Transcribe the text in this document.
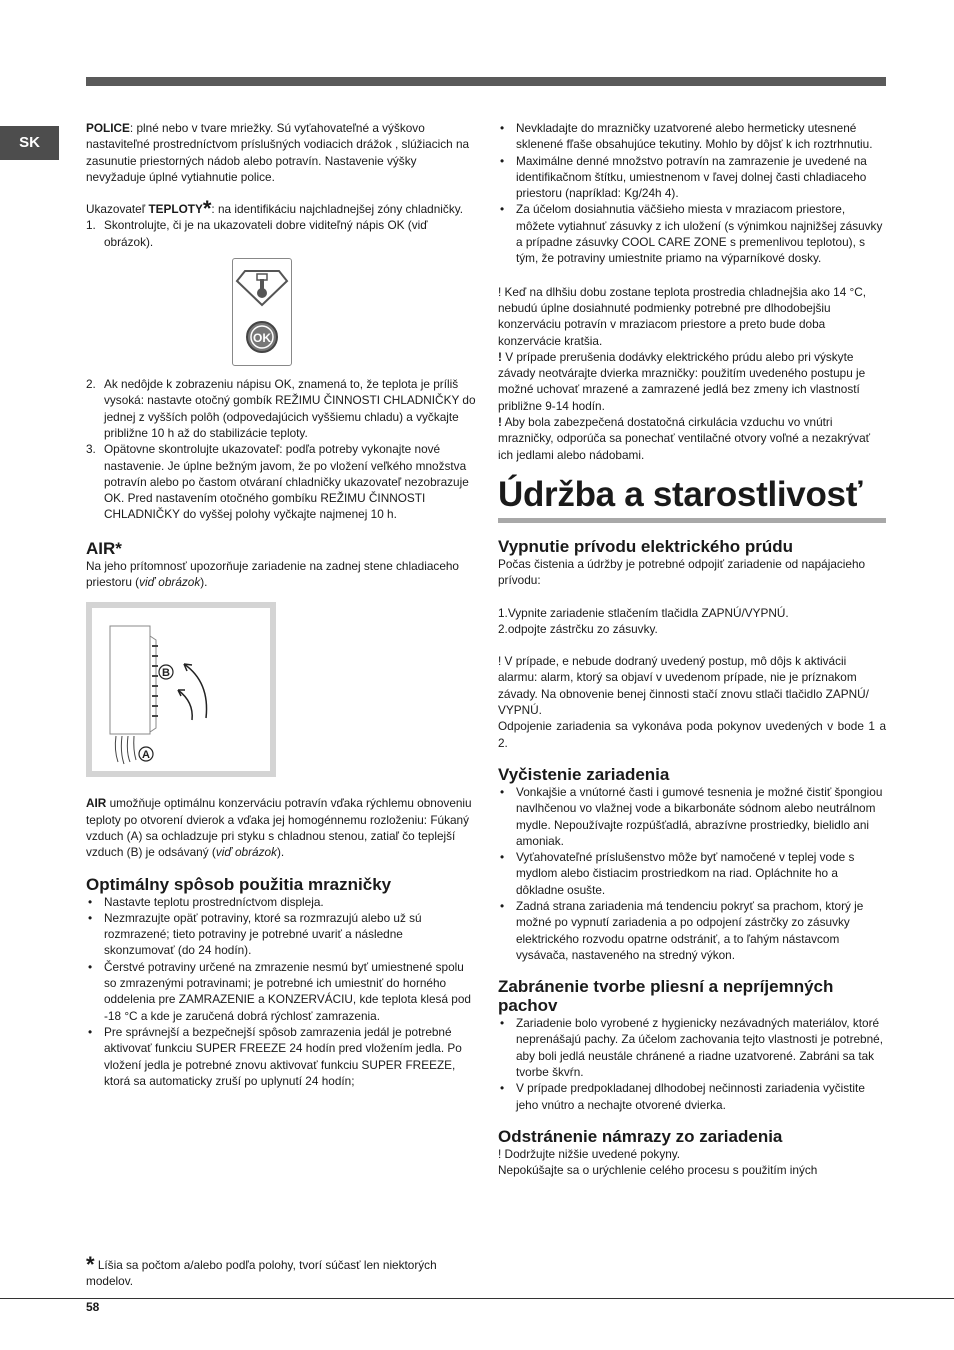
SK

POLICE: plné nebo v tvare mriežky. Sú vyťahovateľné a výškovo nastaviteľné prostredníctvom príslušných vodiacich drážok , slúžiacich na zasunutie priestorných nádob alebo potravín. Nastavenie výšky nevyžaduje úplné vytiahnutie police.

Ukazovateľ TEPLOTY*: na identifikáciu najchladnejšej zóny chladničky.

1. Skontrolujte, či je na ukazovateli dobre viditeľný nápis OK (viď obrázok).
OK
2. Ak nedôjde k zobrazeniu nápisu OK, znamená to, že teplota je príliš vysoká: nastavte otočný gombík REŽIMU ČINNOSTI CHLADNIČKY do jednej z vyšších polôh (odpovedajúcich vyššiemu chladu) a vyčkajte približne 10 h až do stabilizácie teploty.
3. Opätovne skontrolujte ukazovateľ: podľa potreby vykonajte nové nastavenie. Je úplne bežným javom, že po vložení veľkého množstva potravín alebo po častom otváraní chladničky ukazovateľ nezobrazuje OK. Pred nastavením otočného gombíku REŽIMU ČINNOSTI CHLADNIČKY do vyššej polohy vyčkajte najmenej 10 h.
AIR*

Na jeho prítomnosť upozorňuje zariadenie na zadnej stene chladiaceho priestoru (viď obrázok).

B
A

AIR umožňuje optimálnu konzerváciu potravín vďaka rýchlemu obnoveniu teploty po otvorení dvierok a vďaka jej homogénnemu rozloženiu: Fúkaný vzduch (A) sa ochladzuje pri styku s chladnou stenou, zatiaľ čo teplejší vzduch (B) je odsávaný (viď obrázok).

Optimálny spôsob použitia mrazničky
• Nastavte teplotu prostredníctvom displeja.
• Nezmrazujte opäť potraviny, ktoré sa rozmrazujú alebo už sú rozmrazené; tieto potraviny je potrebné uvariť a následne skonzumovať (do 24 hodín).
• Čerstvé potraviny určené na zmrazenie nesmú byť umiestnené spolu so zmrazenými potravinami; je potrebné ich umiestniť do horného oddelenia pre ZAMRAZENIE a KONZERVÁCIU, kde teplota klesá pod -18 °C a kde je zaručená dobrá rýchlosť zamrazenia.
• Pre správnejší a bezpečnejší spôsob zamrazenia jedál je potrebné aktivovať funkciu SUPER FREEZE 24 hodín pred vložením jedla. Po vložení jedla je potrebné znovu aktivovať funkciu SUPER FREEZE, ktorá sa automaticky zruší po uplynutí 24 hodín;
• Nevkladajte do mrazničky uzatvorené alebo hermeticky utesnené sklenené fľaše obsahujúce tekutiny. Mohlo by dôjsť k ich roztrhnutiu.
• Maximálne denné množstvo potravín na zamrazenie je uvedené na identifikačnom štítku, umiestnenom v ľavej dolnej časti chladiaceho priestoru (napríklad: Kg/24h 4).
• Za účelom dosiahnutia väčšieho miesta v mraziacom priestore, môžete vytiahnuť zásuvky z ich uložení (s výnimkou najnižšej zásuvky a prípadne zásuvky COOL CARE ZONE s premenlivou teplotou), s tým, že potraviny umiestnite priamo na výparníkové dosky.

! Keď na dlhšiu dobu zostane teplota prostredia chladnejšia ako 14 °C, nebudú úplne dosiahnuté podmienky potrebné pre dlhodobejšiu konzerváciu potravín v mraziacom priestore a preto bude doba konzervácie kratšia.

! V prípade prerušenia dodávky elektrického prúdu alebo pri výskyte závady neotvárajte dvierka mrazničky: použitím uvedeného postupu je možné uchovať mrazené a zamrazené jedlá bez zmeny ich vlastností približne 9-14 hodín.

! Aby bola zabezpečená dostatočná cirkulácia vzduchu vo vnútri mrazničky, odporúča sa ponechať ventilačné otvory voľné a nezakrývať ich jedlami alebo nádobami.

Údržba a starostlivosť
Vypnutie prívodu elektrického prúdu

Počas čistenia a údržby je potrebné odpojiť zariadenie od napájacieho prívodu:

1.Vypnite zariadenie stlačením tlačidla ZAPNÚ/VYPNÚ.

2.odpojte zástrčku zo zásuvky.

! V prípade, e nebude dodraný uvedený postup, mô dôjs k aktivácii alarmu: alarm, ktorý sa objaví v uvedenom prípade, nie je príznakom závady. Na obnovenie benej činnosti stačí znovu stlači tlačidlo ZAPNÚ/ VYPNÚ.

Odpojenie zariadenia sa vykonáva poda pokynov uvedených v bode 1 a 2.

Vyčistenie zariadenia
• Vonkajšie a vnútorné časti i gumové tesnenia je možné čistiť špongiou navlhčenou vo vlažnej vode a bikarbonáte sódnom alebo neutrálnom mydle. Nepoužívajte rozpúšťadlá, abrazívne prostriedky, bielidlo ani amoniak.
• Vyťahovateľné príslušenstvo môže byť namočené v teplej vode s mydlom alebo čistiacim prostriedkom na riad. Opláchnite ho a dôkladne osušte.
• Zadná strana zariadenia má tendenciu pokryť sa prachom, ktorý je možné po vypnutí zariadenia a po odpojení zástrčky zo zásuvky elektrického rozvodu opatrne odstrániť, a to ľahým nástavcom vysávača, nastaveného na stredný výkon.
Zabránenie tvorbe pliesní a nepríjemných pachov
• Zariadenie bolo vyrobené z hygienicky nezávadných materiálov, ktoré neprenášajú pachy. Za účelom zachovania tejto vlastnosti je potrebné, aby boli jedlá neustále chránené a riadne uzatvorené. Zabráni sa tak tvorbe škvŕn.
• V prípade predpokladanej dlhodobej nečinnosti zariadenia vyčistite jeho vnútro a nechajte otvorené dvierka.
Odstránenie námrazy zo zariadenia

! Dodržujte nižšie uvedené pokyny.

Nepokúšajte sa o urýchlenie celého procesu s použitím iných

* Líšia sa počtom a/alebo podľa polohy, tvorí súčasť len niektorých modelov.
58
